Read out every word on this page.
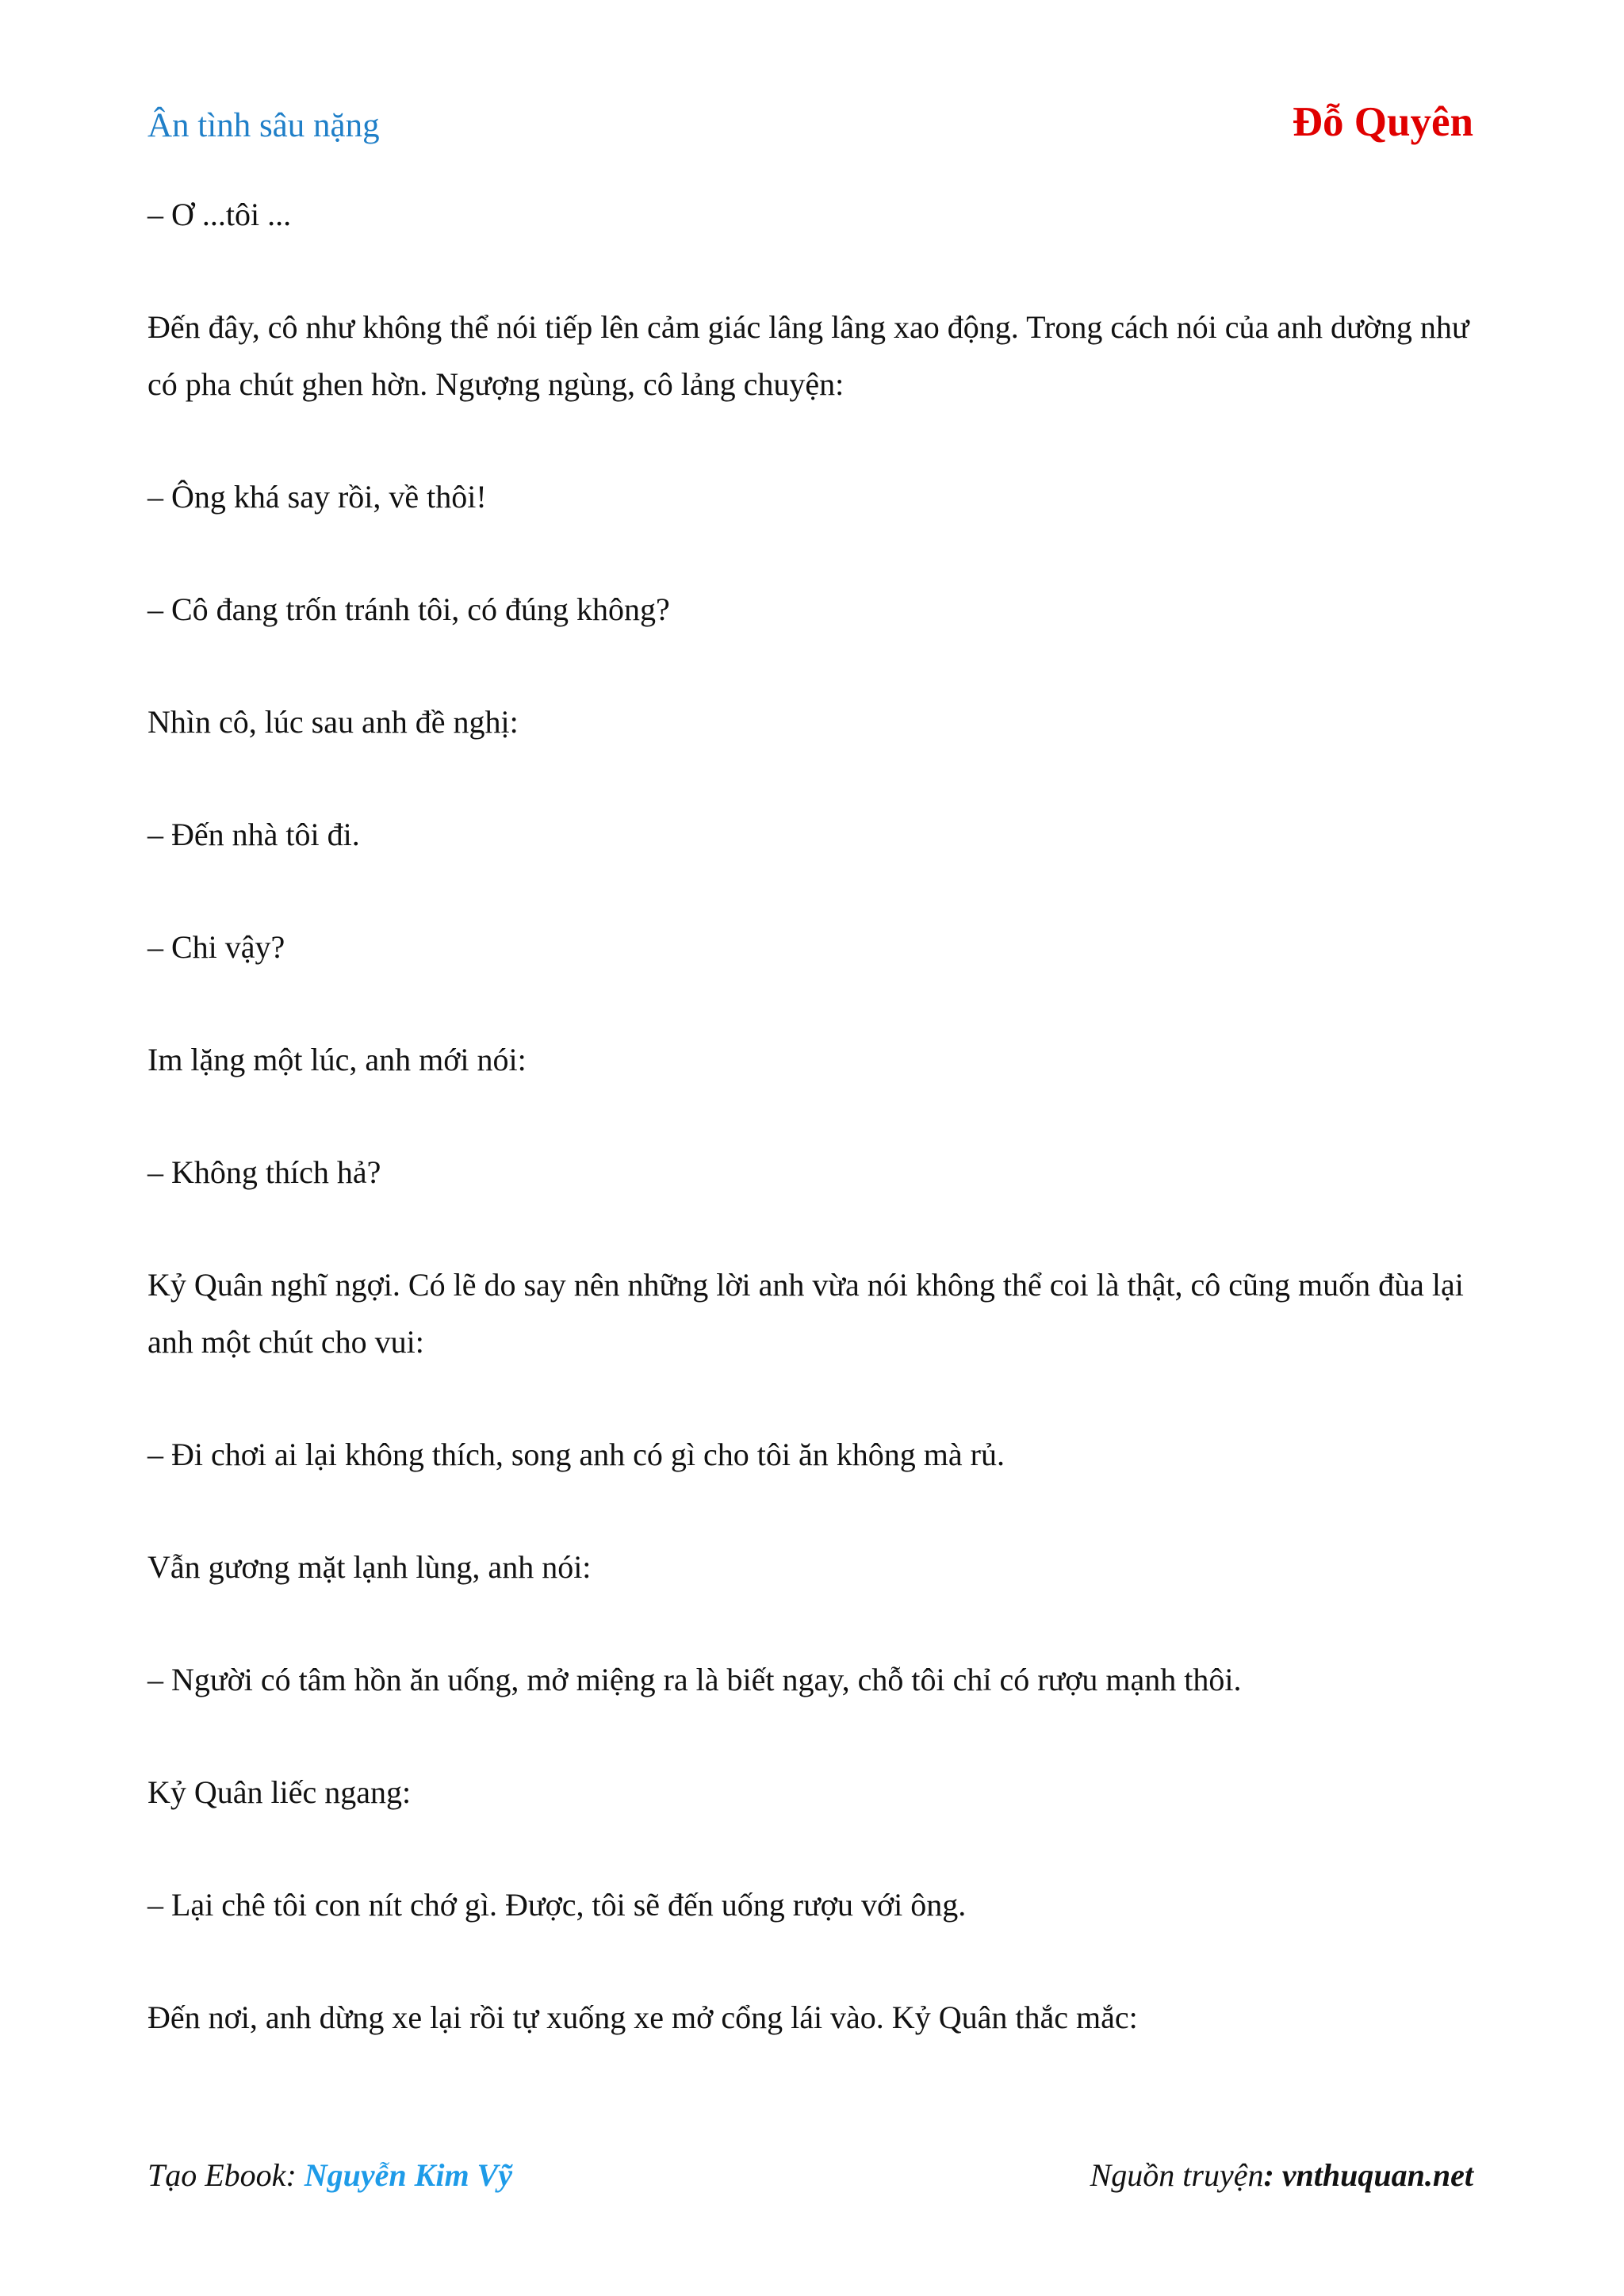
Ân tình sâu nặng	Đỗ Quyên

– Ơ ...tôi ...

Đến đây, cô như không thể nói tiếp lên cảm giác lâng lâng xao động. Trong cách nói của anh dường như có pha chút ghen hờn. Ngượng ngùng, cô lảng chuyện:

– Ông khá say rồi, về thôi!

– Cô đang trốn tránh tôi, có đúng không?

Nhìn cô, lúc sau anh đề nghị:

– Đến nhà tôi đi.

– Chi vậy?

Im lặng một lúc, anh mới nói:

– Không thích hả?

Kỷ Quân nghĩ ngợi. Có lẽ do say nên những lời anh vừa nói không thể coi là thật, cô cũng muốn đùa lại anh một chút cho vui:

– Đi chơi ai lại không thích, song anh có gì cho tôi ăn không mà rủ.

Vẫn gương mặt lạnh lùng, anh nói:

– Người có tâm hồn ăn uống, mở miệng ra là biết ngay, chỗ tôi chỉ có rượu mạnh thôi.

Kỷ Quân liếc ngang:

– Lại chê tôi con nít chớ gì. Được, tôi sẽ đến uống rượu với ông.

Đến nơi, anh dừng xe lại rồi tự xuống xe mở cổng lái vào. Kỷ Quân thắc mắc:

Tạo Ebook: Nguyễn Kim Vỹ	Nguồn truyện: vnthuquan.net
